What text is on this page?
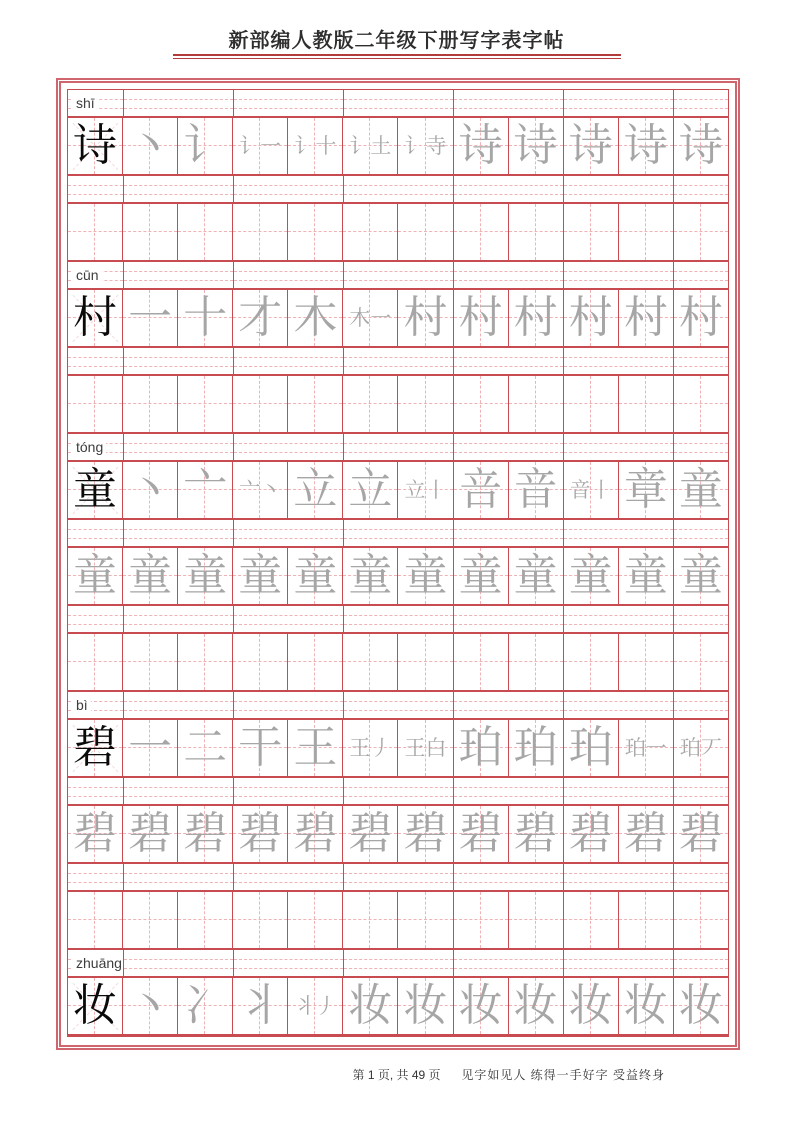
新部编人教版二年级下册写字表字帖
shī
诗 丶 讠 讠一 讠十 讠土 讠寺 诗 诗 诗 诗 诗
cūn
村 一 十 才 木 木一 村 村 村 村 村 村
tóng
童 丶 亠 亠丶 立 立 立丨 咅 音 音丨 章 童
童 童 童 童 童 童 童 童 童 童 童 童
bì
碧 一 二 干 王 王丿 王白 珀 珀 珀 珀一 珀丆
碧 碧 碧 碧 碧 碧 碧 碧 碧 碧 碧 碧
zhuāng
妆 丶 冫 丬 丬丿 妆 妆 妆 妆 妆 妆 妆
第 1 页, 共 49 页	见字如见人 练得一手好字 受益终身
